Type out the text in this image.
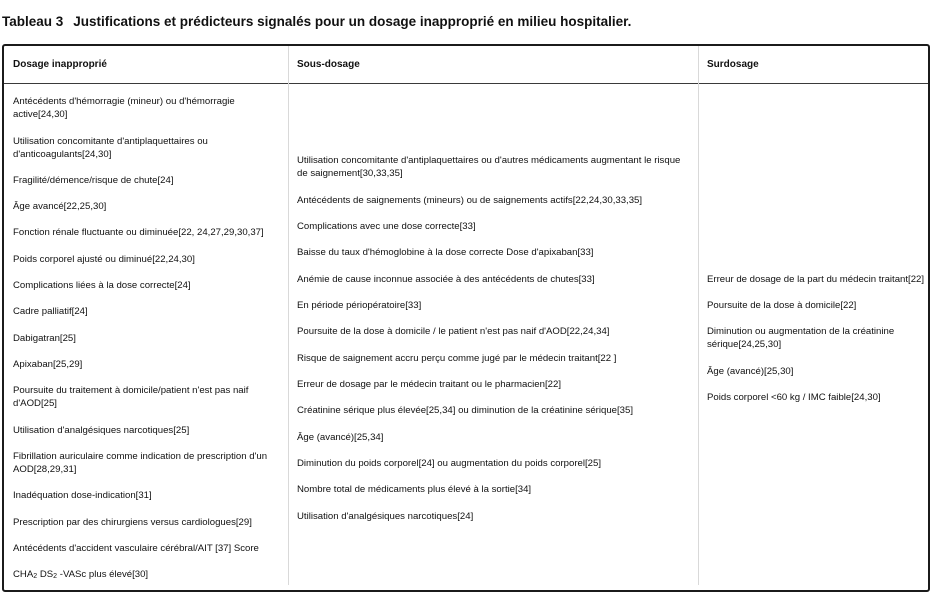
Tableau 3 Justifications et prédicteurs signalés pour un dosage inapproprié en milieu hospitalier.
Dosage inapproprié	Sous-dosage	Surdosage
Antécédents d'hémorragie (mineur) ou d'hémorragie active[24,30]
Utilisation concomitante d'antiplaquettaires ou d'anticoagulants[24,30]
Fragilité/démence/risque de chute[24]
Âge avancé[22,25,30]
Fonction rénale fluctuante ou diminuée[22, 24,27,29,30,37]
Poids corporel ajusté ou diminué[22,24,30]
Complications liées à la dose correcte[24]
Cadre palliatif[24]
Dabigatran[25]
Apixaban[25,29]
Poursuite du traitement à domicile/patient n'est pas naif d'AOD[25]
Utilisation d'analgésiques narcotiques[25]
Fibrillation auriculaire comme indication de prescription d'un AOD[28,29,31]
Inadéquation dose-indication[31]
Prescription par des chirurgiens versus cardiologues[29]
Antécédents d'accident vasculaire cérébral/AIT [37] Score
$CHA_2$ $DS_2$ -VASc plus élevé[30]
Utilisation concomitante d'antiplaquettaires ou d'autres médicaments augmentant le risque de saignement[30,33,35]
Antécédents de saignements (mineurs) ou de saignements actifs[22,24,30,33,35]
Complications avec une dose correcte[33]
Baisse du taux d'hémoglobine à la dose correcte Dose d'apixaban[33]
Anémie de cause inconnue associée à des antécédents de chutes[33]
En période périopératoire[33]
Poursuite de la dose à domicile / le patient n'est pas naif d'AOD[22,24,34]
Risque de saignement accru perçu comme jugé par le médecin traitant[22 ]
Erreur de dosage par le médecin traitant ou le pharmacien[22]
Créatinine sérique plus élevée[25,34] ou diminution de la créatinine sérique[35]
Âge (avancé)[25,34]
Diminution du poids corporel[24] ou augmentation du poids corporel[25]
Nombre total de médicaments plus élevé à la sortie[34]
Utilisation d'analgésiques narcotiques[24]
Erreur de dosage de la part du médecin traitant[22]
Poursuite de la dose à domicile[22]
Diminution ou augmentation de la créatinine sérique[24,25,30]
Âge (avancé)[25,30]
Poids corporel <60 kg / IMC faible[24,30]
